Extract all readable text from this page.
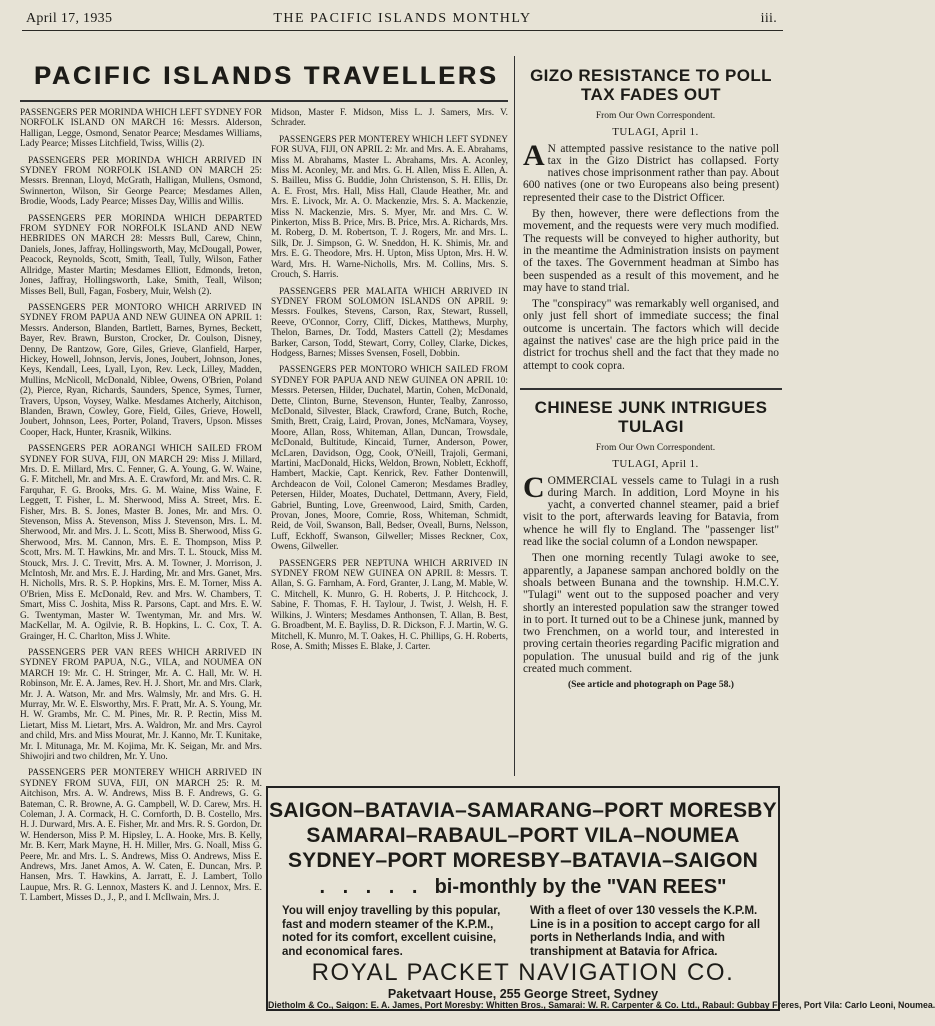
April 17, 1935	THE PACIFIC ISLANDS MONTHLY	iii.
PACIFIC ISLANDS TRAVELLERS

PASSENGERS PER MORINDA WHICH LEFT SYDNEY FOR NORFOLK ISLAND ON MARCH 16: Messrs. Alderson, Halligan, Legge, Osmond, Senator Pearce; Mesdames Williams, Lady Pearce; Misses Litchfield, Twiss, Willis (2).

PASSENGERS PER MORINDA WHICH ARRIVED IN SYDNEY FROM NORFOLK ISLAND ON MARCH 25: Messrs. Brennan, Lloyd, McGrath, Halligan, Mullens, Osmond, Swinnerton, Wilson, Sir George Pearce; Mesdames Allen, Brodie, Woods, Lady Pearce; Misses Day, Willis and Willis.

PASSENGERS PER MORINDA WHICH DEPARTED FROM SYDNEY FOR NORFOLK ISLAND AND NEW HEBRIDES ON MARCH 28: Messrs Bull, Carew, Chinn, Daniels, Jones, Jaffray, Hollingsworth, May, McDougall, Power, Peacock, Reynolds, Scott, Smith, Teall, Tully, Wilson, Father Allridge, Master Martin; Mesdames Elliott, Edmonds, Ireton, Jones, Jaffray, Hollingsworth, Lake, Smith, Teall, Wilson; Misses Bell, Bull, Fagan, Fosbery, Muir, Welsh (2).

PASSENGERS PER MONTORO WHICH ARRIVED IN SYDNEY FROM PAPUA AND NEW GUINEA ON APRIL 1: Messrs. Anderson, Blanden, Bartlett, Barnes, Byrnes, Beckett, Bayer, Rev. Brawn, Burston, Crocker, Dr. Coulson, Disney, Denny, De Rantzow, Gore, Giles, Grieve, Glanfield, Harper, Hickey, Howell, Johnson, Jervis, Jones, Joubert, Johnson, Jones, Keys, Kendall, Lees, Lyall, Lyon, Rev. Leck, Lilley, Madden, Mullins, McNicoll, McDonald, Niblee, Owens, O'Brien, Poland (2), Pierce, Ryan, Richards, Saunders, Spence, Symes, Turner, Travers, Upson, Voysey, Walke. Mesdames Atcherly, Aitchison, Blanden, Brawn, Cowley, Gore, Field, Giles, Grieve, Howell, Joubert, Johnson, Lees, Porter, Poland, Travers, Upson. Misses Cooper, Hack, Hunter, Krasnik, Wilkins.

PASSENGERS PER AORANGI WHICH SAILED FROM SYDNEY FOR SUVA, FIJI, ON MARCH 29: Miss J. Millard, Mrs. D. E. Millard, Mrs. C. Fenner, G. A. Young, G. W. Waine, G. F. Mitchell, Mr. and Mrs. A. E. Crawford, Mr. and Mrs. C. R. Farquhar, F. G. Brooks, Mrs. G. M. Waine, Miss Waine, F. Leggett, T. Fisher, L. M. Sherwood, Miss A. Street, Mrs. E. Fisher, Mrs. B. S. Jones, Master B. Jones, Mr. and Mrs. O. Stevenson, Miss A. Stevenson, Miss J. Stevenson, Mrs. L. M. Sherwood, Mr. and Mrs. J. L. Scott, Miss B. Sherwood, Miss G. Sherwood, Mrs. M. Cannon, Mrs. E. E. Thompson, Miss P. Scott, Mrs. M. T. Hawkins, Mr. and Mrs. T. L. Stouck, Miss M. Stouck, Mrs. J. C. Trevitt, Mrs. A. M. Towner, J. Morrison, J. McIntosh, Mr. and Mrs. E. J. Harding, Mr. and Mrs. Ganet, Mrs. H. Nicholls, Mrs. R. S. P. Hopkins, Mrs. E. M. Torner, Miss A. O'Brien, Miss E. McDonald, Rev. and Mrs. W. Chambers, T. Smart, Miss C. Joshita, Miss R. Parsons, Capt. and Mrs. E. W. G. Twentyman, Master W. Twentyman, Mr. and Mrs. W. MacKellar, M. A. Ogilvie, R. B. Hopkins, L. C. Cox, T. A. Grainger, H. C. Charlton, Miss J. White.

PASSENGERS PER VAN REES WHICH ARRIVED IN SYDNEY FROM PAPUA, N.G., VILA, and NOUMEA ON MARCH 19: Mr. C. H. Stringer, Mr. A. C. Hall, Mr. W. H. Robinson, Mr. E. A. James, Rev. H. J. Short, Mr. and Mrs. Clark, Mr. J. A. Watson, Mr. and Mrs. Walmsly, Mr. and Mrs. G. H. Murray, Mr. W. E. Elsworthy, Mrs. F. Pratt, Mr. A. S. Young, Mr. H. W. Grambs, Mr. C. M. Pines, Mr. R. P. Rectin, Miss M. Lietart, Miss M. Lietart, Mrs. A. Waldron, Mr. and Mrs. Cayrol and child, Mrs. and Miss Mourat, Mr. J. Kanno, Mr. T. Kunitake, Mr. I. Mitunaga, Mr. M. Kojima, Mr. K. Seigan, Mr. and Mrs. Shiwojiri and two children, Mr. Y. Uno.

PASSENGERS PER MONTEREY WHICH ARRIVED IN SYDNEY FROM SUVA, FIJI, ON MARCH 25: R. M. Aitchison, Mrs. A. W. Andrews, Miss B. F. Andrews, G. G. Bateman, C. R. Browne, A. G. Campbell, W. D. Carew, Mrs. H. Coleman, J. A. Cormack, H. C. Cornforth, D. B. Costello, Mrs. H. J. Durward, Mrs. A. E. Fisher, Mr. and Mrs. R. S. Gordon, Dr. W. Henderson, Miss P. M. Hipsley, L. A. Hooke, Mrs. B. Kelly, Mr. B. Kerr, Mark Mayne, H. H. Miller, Mrs. G. Noall, Miss G. Peere, Mr. and Mrs. L. S. Andrews, Miss O. Andrews, Miss E. Andrews, Mrs. Janet Amos, A. W. Caten, E. Duncan, Mrs. P. Hansen, Mrs. T. Hawkins, A. Jarratt, E. J. Lambert, Tollo Laupue, Mrs. R. G. Lennox, Masters K. and J. Lennox, Mrs. E. T. Lambert, Misses D., J., P., and I. McIlwain, Mrs. J.

Midson, Master F. Midson, Miss L. J. Samers, Mrs. V. Schrader.

PASSENGERS PER MONTEREY WHICH LEFT SYDNEY FOR SUVA, FIJI, ON APRIL 2: Mr. and Mrs. A. E. Abrahams, Miss M. Abrahams, Master L. Abrahams, Mrs. A. Aconley, Miss M. Aconley, Mr. and Mrs. G. H. Allen, Miss E. Allen, A. S. Bailleu, Miss G. Buddie, John Christenson, S. H. Ellis, Dr. A. E. Frost, Mrs. Hall, Miss Hall, Claude Heather, Mr. and Mrs. E. Livock, Mr. A. O. Mackenzie, Mrs. S. A. Mackenzie, Miss N. Mackenzie, Mrs. S. Myer, Mr. and Mrs. C. W. Pinkerton, Miss B. Price, Mrs. B. Price, Mrs. A. Richards, Mrs. M. Roberg, D. M. Robertson, T. J. Rogers, Mr. and Mrs. L. Silk, Dr. J. Simpson, G. W. Sneddon, H. K. Shimis, Mr. and Mrs. E. G. Theodore, Mrs. H. Upton, Miss Upton, Mrs. H. W. Ward, Mrs. H. Warne-Nicholls, Mrs. M. Collins, Mrs. S. Crouch, S. Harris.

PASSENGERS PER MALAITA WHICH ARRIVED IN SYDNEY FROM SOLOMON ISLANDS ON APRIL 9: Messrs. Foulkes, Stevens, Carson, Rax, Stewart, Russell, Reeve, O'Connor, Corry, Cliff, Dickes, Matthews, Murphy, Thelon, Barnes, Dr. Todd, Masters Cattell (2); Mesdames Barker, Carson, Todd, Stewart, Corry, Colley, Clarke, Dickes, Hodgess, Barnes; Misses Svensen, Fosell, Dobbin.

PASSENGERS PER MONTORO WHICH SAILED FROM SYDNEY FOR PAPUA AND NEW GUINEA ON APRIL 10: Messrs. Petersen, Hilder, Duchatel, Martin, Cohen, McDonald, Dette, Clinton, Burne, Stevenson, Hunter, Tealby, Zanrosso, McDonald, Silvester, Black, Crawford, Crane, Butch, Roche, Smith, Brett, Craig, Laird, Provan, Jones, McNamara, Voysey, Moore, Allan, Ross, Whiteman, Allan, Duncan, Trowsdale, McDonald, Bultitude, Kincaid, Turner, Anderson, Power, McLaren, Davidson, Ogg, Cook, O'Neill, Trajoli, Germani, Martini, MacDonald, Hicks, Weldon, Brown, Noblett, Eckhoff, Hambert, Mackie, Capt. Kenrick, Rev. Father Dontenwill, Archdeacon de Voil, Colonel Cameron; Mesdames Bradley, Petersen, Hilder, Moates, Duchatel, Dettmann, Avery, Field, Gabriel, Bunting, Love, Greenwood, Laird, Smith, Carden, Provan, Jones, Moore, Comrie, Ross, Whiteman, Schmidt, Reid, de Voil, Swanson, Ball, Bedser, Oveall, Burns, Nelsson, Luff, Eckhoff, Swanson, Gilweller; Misses Reckner, Cox, Owens, Gilweller.

PASSENGERS PER NEPTUNA WHICH ARRIVED IN SYDNEY FROM NEW GUINEA ON APRIL 8: Messrs. T. Allan, S. G. Farnham, A. Ford, Granter, J. Lang, M. Mable, W. C. Mitchell, K. Munro, G. H. Roberts, J. P. Hitchcock, J. Sabine, F. Thomas, F. H. Taylour, J. Twist, J. Welsh, H. F. Wilkins, J. Winters; Mesdames Anthonsen, T. Allan, B. Best, G. Broadbent, M. E. Bayliss, D. R. Dickson, F. J. Martin, W. G. Mitchell, K. Munro, M. T. Oakes, H. C. Phillips, G. H. Roberts, Rose, A. Smith; Misses E. Blake, J. Carter.

GIZO RESISTANCE TO POLL TAX FADES OUT

From Our Own Correspondent.

TULAGI, April 1.

A N attempted passive resistance to the native poll tax in the Gizo District has collapsed. Forty natives chose imprisonment rather than pay. About 600 natives (one or two Europeans also being present) represented their case to the District Officer.

By then, however, there were deflections from the movement, and the requests were very much modified. The requests will be conveyed to higher authority, but in the meantime the Administration insists on payment of the taxes. The Government headman at Simbo has been suspended as a result of this movement, and he may have to stand trial.

The "conspiracy" was remarkably well organised, and only just fell short of immediate success; the final outcome is uncertain. The factors which will decide against the natives' case are the high price paid in the district for trochus shell and the fact that they made no attempt to cook copra.

CHINESE JUNK INTRIGUES TULAGI

From Our Own Correspondent.

TULAGI, April 1.

COMMERCIAL vessels came to Tulagi in a rush during March. In addition, Lord Moyne in his yacht, a converted channel steamer, paid a brief visit to the port, afterwards leaving for Batavia, from whence he will fly to England. The "passenger list" read like the social column of a London newspaper.

Then one morning recently Tulagi awoke to see, apparently, a Japanese sampan anchored boldly on the shoals between Bunana and the township. H.M.C.Y. "Tulagi" went out to the supposed poacher and very shortly an interested population saw the stranger towed in to port. It turned out to be a Chinese junk, manned by two Frenchmen, on a world tour, and interested in proving certain theories regarding Pacific migration and population. The unusual build and rig of the junk created much comment.

(See article and photograph on Page 58.)

SAIGON–BATAVIA–SAMARANG–PORT MORESBY
SAMARAI–RABAUL–PORT VILA–NOUMEA
SYDNEY–PORT MORESBY–BATAVIA–SAIGON
. . . . . bi-monthly by the "VAN REES"
You will enjoy travelling by this popular, fast and modern steamer of the K.P.M., noted for its comfort, excellent cuisine, and economical fares.
With a fleet of over 130 vessels the K.P.M. Line is in a position to accept cargo for all ports in Netherlands India, and with transhipment at Batavia for Africa.
ROYAL PACKET NAVIGATION CO.
Paketvaart House, 255 George Street, Sydney
Dietholm & Co., Saigon: E. A. James, Port Moresby: Whitten Bros., Samarai: W. R. Carpenter & Co. Ltd., Rabaul: Gubbay Freres, Port Vila: Carlo Leoni, Noumea.
